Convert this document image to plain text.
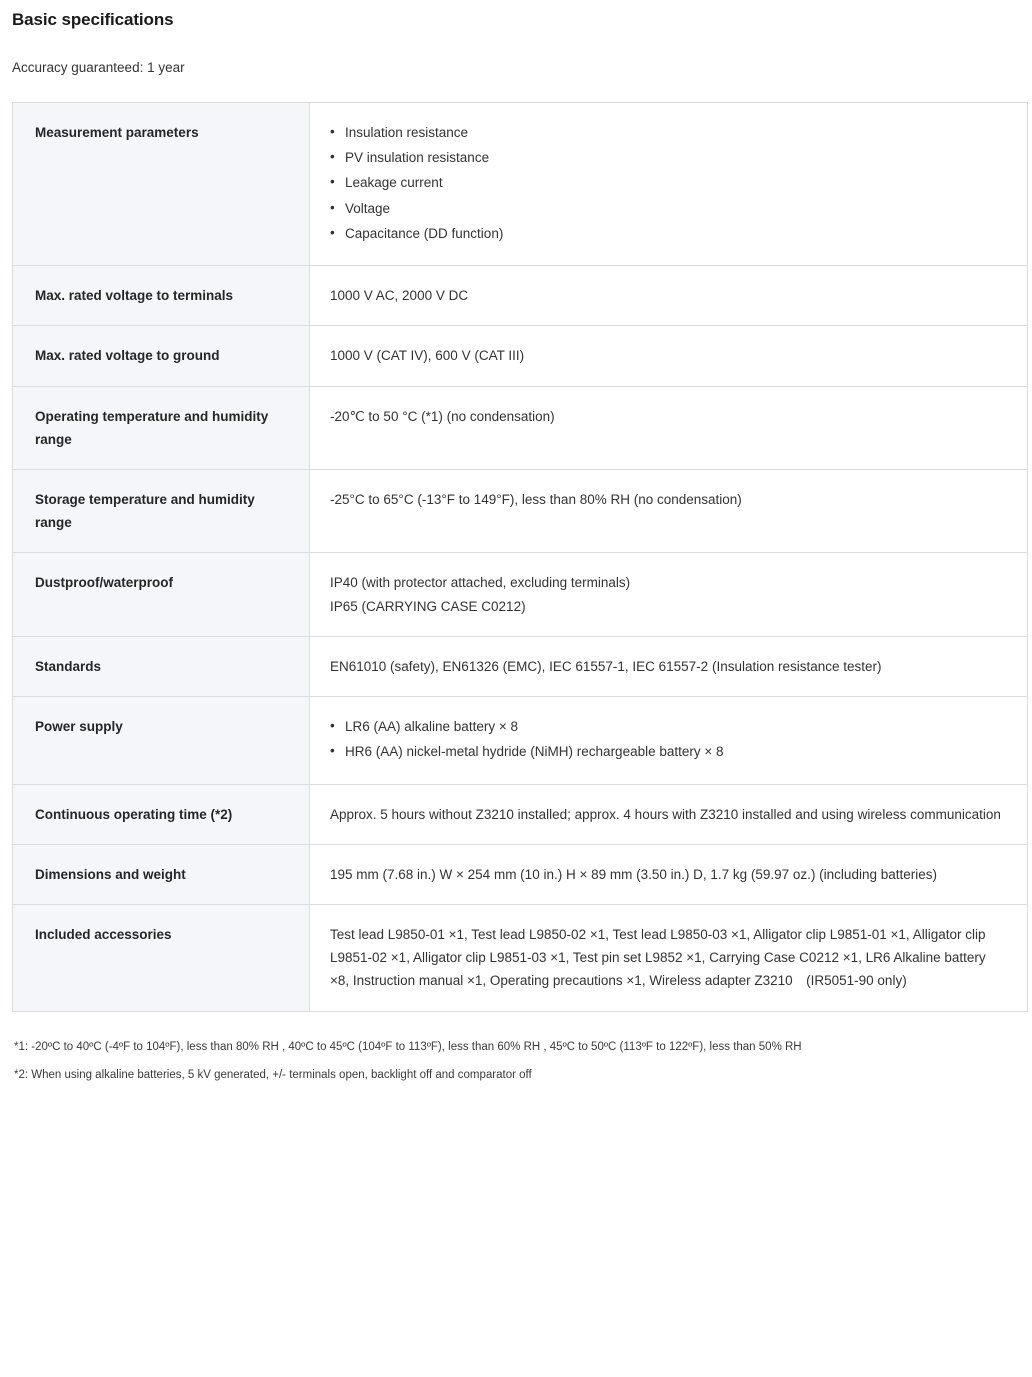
Basic specifications

Accuracy guaranteed: 1 year

Measurement parameters	
•Insulation resistance
• PV insulation resistance
• Leakage current
• Voltage
• Capacitance (DD function)

Max. rated voltage to terminals	1000 V AC, 2000 V DC

Max. rated voltage to ground	1000 V (CAT IV), 600 V (CAT III)

Operating temperature and humidity range	-20℃ to 50 °C (*1) (no condensation)

Storage temperature and humidity range	-25°C to 65°C (-13°F to 149°F), less than 80% RH (no condensation)

Dustproof/waterproof	IP40 (with protector attached, excluding terminals)
IP65 (CARRYING CASE C0212)

Standards	EN61010 (safety), EN61326 (EMC), IEC 61557-1, IEC 61557-2 (Insulation resistance tester)

Power supply	
•LR6 (AA) alkaline battery × 8
• HR6 (AA) nickel-metal hydride (NiMH) rechargeable battery × 8

Continuous operating time (*2)	Approx. 5 hours without Z3210 installed; approx. 4 hours with Z3210 installed and using wireless communication

Dimensions and weight	195 mm (7.68 in.) W × 254 mm (10 in.) H × 89 mm (3.50 in.) D, 1.7 kg (59.97 oz.) (including batteries)

Included accessories	Test lead L9850-01 ×1, Test lead L9850-02 ×1, Test lead L9850-03 ×1, Alligator clip L9851-01 ×1, Alligator clip L9851-02 ×1, Alligator clip L9851-03 ×1, Test pin set L9852 ×1, Carrying Case C0212 ×1, LR6 Alkaline battery ×8, Instruction manual ×1, Operating precautions ×1, Wireless adapter Z3210　(IR5051-90 only)
*1: -20ºC to 40ºC (-4ºF to 104ºF), less than 80% RH , 40ºC to 45ºC (104ºF to 113ºF), less than 60% RH , 45ºC to 50ºC (113ºF to 122ºF), less than 50% RH
*2: When using alkaline batteries, 5 kV generated, +/- terminals open, backlight off and comparator off
